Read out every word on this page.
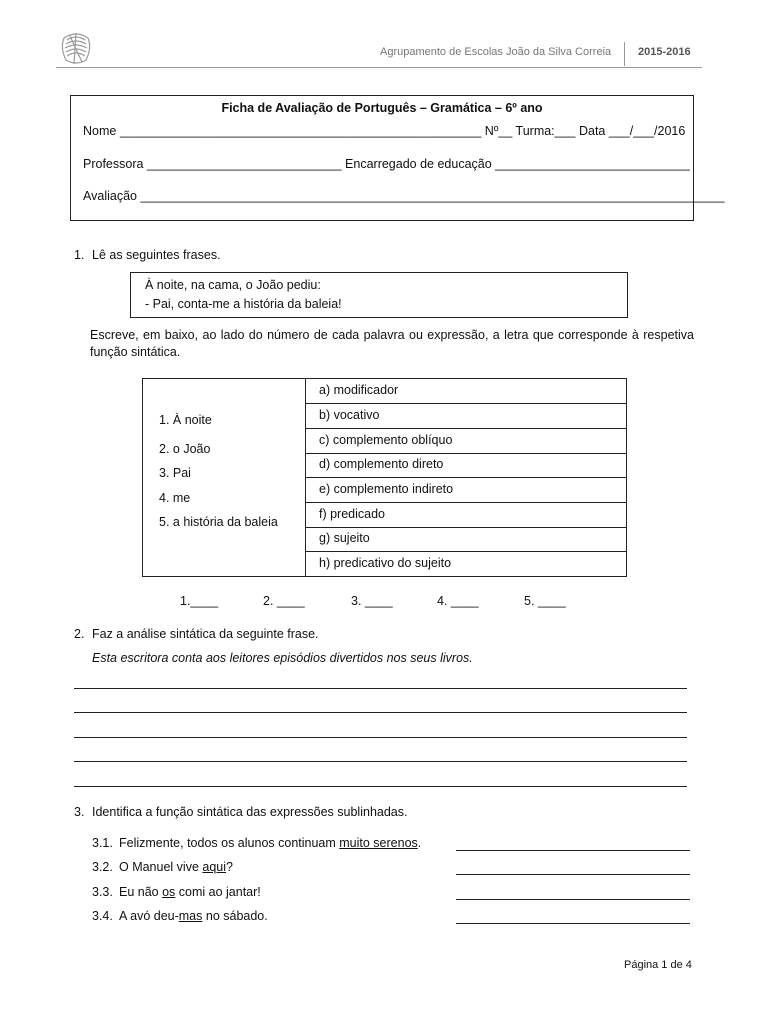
Agrupamento de Escolas João da Silva Correia 2015-2016
Ficha de Avaliação de Português – Gramática – 6º ano
Nome ____________________________________________________ Nº__ Turma:___ Data ___/___/2016
Professora ____________________________ Encarregado de educação ____________________________
Avaliação ____________________________________________________________________________________
1. Lê as seguintes frases.
À noite, na cama, o João pediu:
- Pai, conta-me a história da baleia!
Escreve, em baixo, ao lado do número de cada palavra ou expressão, a letra que corresponde à respetiva função sintática.
1. À noite
2. o João
3. Pai
4. me
5. a história da baleia
a) modificador
b) vocativo
c) complemento oblíquo
d) complemento direto
e) complemento indireto
f) predicado
g) sujeito
h) predicativo do sujeito
1.____	2. ____	3. ____	4. ____	5. ____
2. Faz a análise sintática da seguinte frase.
Esta escritora conta aos leitores episódios divertidos nos seus livros.
3. Identifica a função sintática das expressões sublinhadas.
3.1. Felizmente, todos os alunos continuam muito serenos.
3.2. O Manuel vive aqui?
3.3. Eu não os comi ao jantar!
3.4. A avó deu-mas no sábado.
Página 1 de 4
